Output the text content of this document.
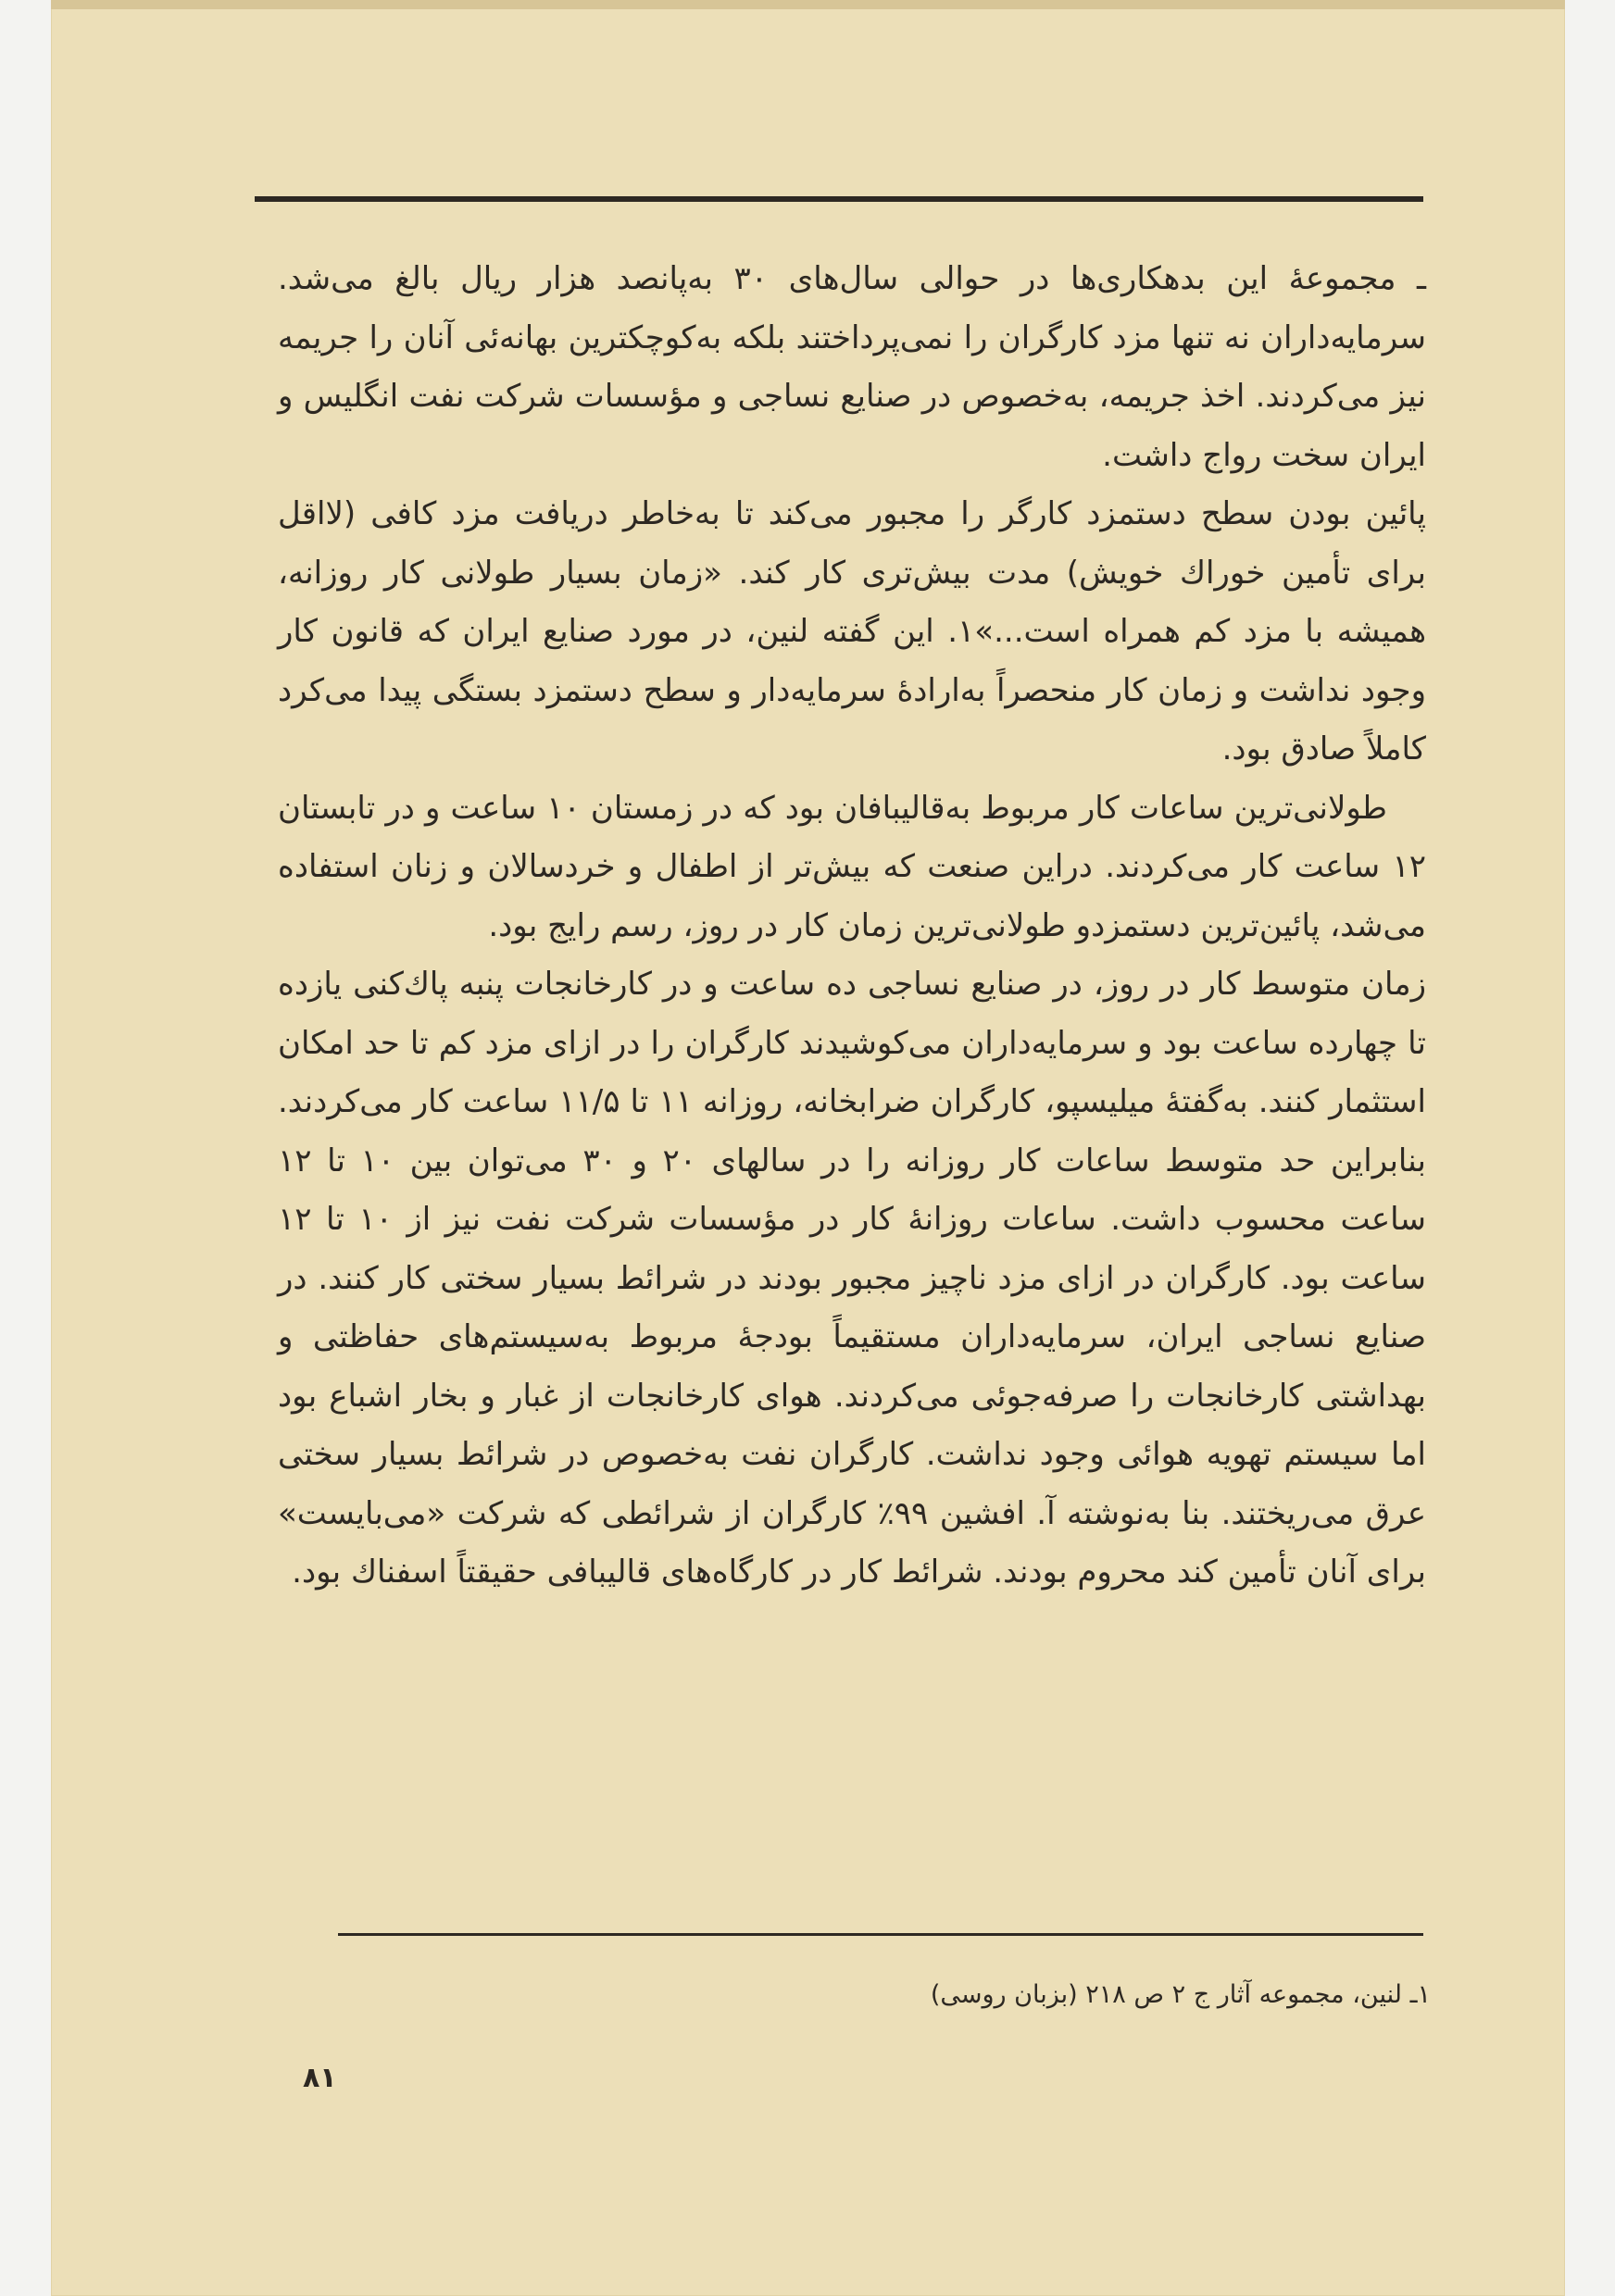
ـ مجموعهٔ این بدهکاری‌ها در حوالی سال‌های ۳۰ به‌پانصد هزار ریال بالغ می‌شد. سرمایه‌داران نه تنها مزد کارگران را نمی‌پرداختند بلکه به‌کوچکترین بهانه‌ئی آنان را جریمه نیز می‌کردند. اخذ جریمه، به‌خصوص در صنایع نساجی و مؤسسات شرکت نفت انگلیس و ایران سخت رواج داشت.

پائین بودن سطح دستمزد کارگر را مجبور می‌کند تا به‌خاطر دریافت مزد کافی (لااقل برای تأمین خوراك خویش) مدت بیش‌تری کار کند. «زمان بسیار طولانی کار روزانه، همیشه با مزد کم همراه است...»۱. این گفته لنین، در مورد صنایع ایران که قانون کار وجود نداشت و زمان کار منحصراً به‌ارادهٔ سرمایه‌دار و سطح دستمزد بستگی پیدا می‌کرد کاملاً صادق بود.

طولانی‌ترین ساعات کار مربوط به‌قالیبافان بود که در زمستان ۱۰ ساعت و در تابستان ۱۲ ساعت کار می‌کردند. دراین صنعت که بیش‌تر از اطفال و خردسالان و زنان استفاده می‌شد، پائین‌ترین دستمزدو طولانی‌ترین زمان کار در روز، رسم رایج بود.

زمان متوسط کار در روز، در صنایع نساجی ده ساعت و در کارخانجات پنبه پاك‌کنی یازده تا چهارده ساعت بود و سرمایه‌داران می‌کوشیدند کارگران را در ازای مزد کم تا حد امکان استثمار کنند. به‌گفتهٔ میلیسپو، کارگران ضرابخانه، روزانه ۱۱ تا ۱۱/۵ ساعت کار می‌کردند. بنابراین حد متوسط ساعات کار روزانه را در سالهای ۲۰ و ۳۰ می‌توان بین ۱۰ تا ۱۲ ساعت محسوب داشت. ساعات روزانهٔ کار در مؤسسات شرکت نفت نیز از ۱۰ تا ۱۲ ساعت بود. کارگران در ازای مزد ناچیز مجبور بودند در شرائط بسیار سختی کار کنند. در صنایع نساجی ایران، سرمایه‌داران مستقیماً بودجهٔ مربوط به‌سیستم‌های حفاظتی و بهداشتی کارخانجات را صرفه‌جوئی می‌کردند. هوای کارخانجات از غبار و بخار اشباع بود اما سیستم تهویه هوائی وجود نداشت. کارگران نفت به‌خصوص در شرائط بسیار سختی عرق می‌ریختند. بنا به‌نوشته آ. افشین ۹۹٪ کارگران از شرائطی که شرکت «می‌بایست» برای آنان تأمین کند محروم بودند. شرائط کار در کارگاه‌های قالیبافی حقیقتاً اسفناك بود.

۱ـ لنین، مجموعه آثار ج ۲ ص ۲۱۸ (بزبان روسی)
۸۱
